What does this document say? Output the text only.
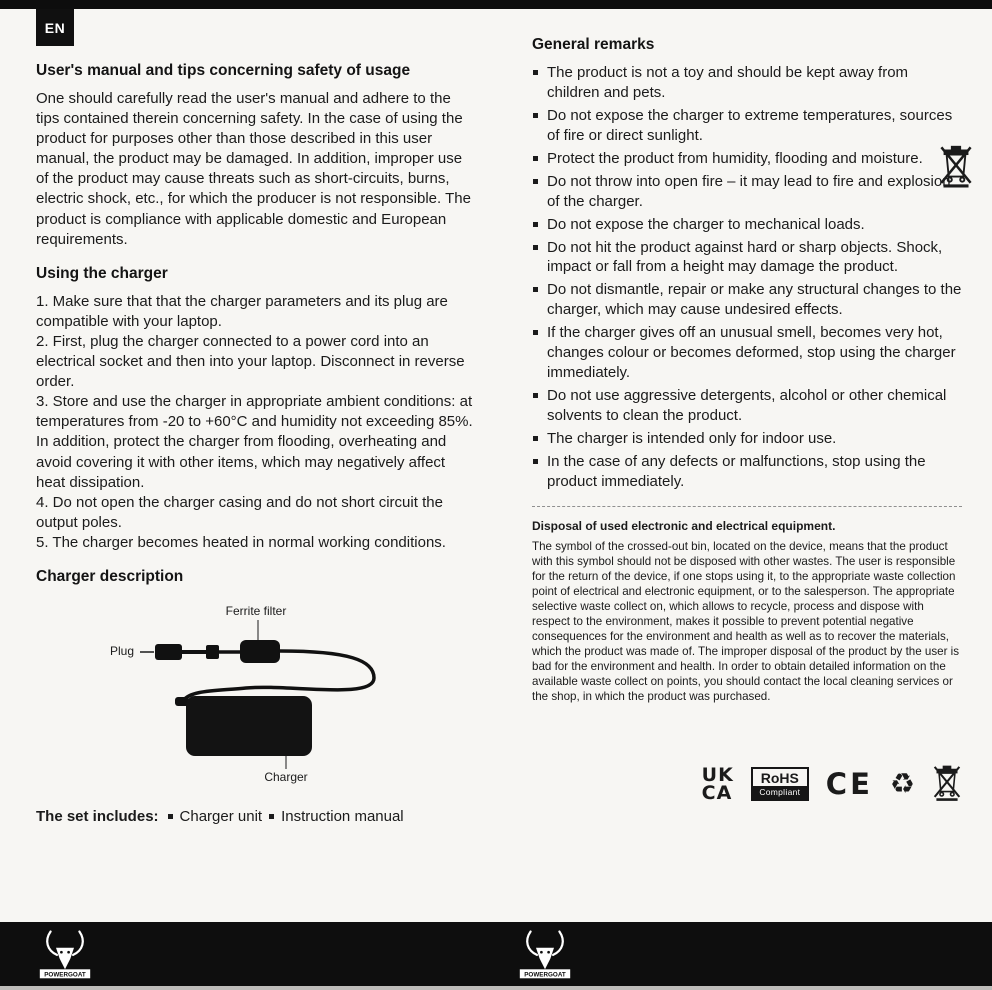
EN
User's manual and tips concerning safety of usage

One should carefully read the user's manual and adhere to the tips contained therein concerning safety. In the case of using the product for purposes other than those described in this user manual, the product may be damaged. In addition, improper use of the product may cause threats such as short-circuits, burns, electric shock, etc., for which the producer is not responsible. The product is compliance with applicable domestic and European requirements.

Using the charger

1. Make sure that that the charger parameters and its plug are compatible with your laptop.

2. First, plug the charger connected to a power cord into an electrical socket and then into your laptop. Disconnect in reverse order.

3. Store and use the charger in appropriate ambient conditions: at temperatures from -20 to +60°C and humidity not exceeding 85%. In addition, protect the charger from flooding, overheating and avoid covering it with other items, which may negatively affect heat dissipation.

4. Do not open the charger casing and do not short circuit the output poles.

5. The charger becomes heated in normal working conditions.

Charger description
Ferrite filter
Plug
Charger
The set includes: Charger unit Instruction manual
General remarks
The product is not a toy and should be kept away from children and pets.
Do not expose the charger to extreme temperatures, sources of fire or direct sunlight.
Protect the product from humidity, flooding and moisture.
Do not throw into open fire – it may lead to fire and explosion of the charger.
Do not expose the charger to mechanical loads.
Do not hit the product against hard or sharp objects. Shock, impact or fall from a height may damage the product.
Do not dismantle, repair or make any structural changes to the charger, which may cause undesired effects.
If the charger gives off an unusual smell, becomes very hot, changes colour or becomes deformed, stop using the charger immediately.
Do not use aggressive detergents, alcohol or other chemical solvents to clean the product.
The charger is intended only for indoor use.
In the case of any defects or malfunctions, stop using the product immediately.
Disposal of used electronic and electrical equipment.

The symbol of the crossed-out bin, located on the device, means that the product with this symbol should not be disposed with other wastes. The user is responsible for the return of the device, if one stops using it, to the appropriate waste collection point of electrical and electronic equipment, or to the salesperson. The appropriate selective waste collect on, which allows to recycle, process and dispose with respect to the environment, makes it possible to prevent potential negative consequences for the environment and health as well as to recover the materials, which the product was made of. The improper disposal of the product by the user is bad for the environment and health. In order to obtain detailed information on the available waste collect on points, you should contact the local cleaning services or the shop, in which the product was purchased.

UK
CA
RoHS
Compliant CE ♻
POWERGOAT	POWERGOAT
